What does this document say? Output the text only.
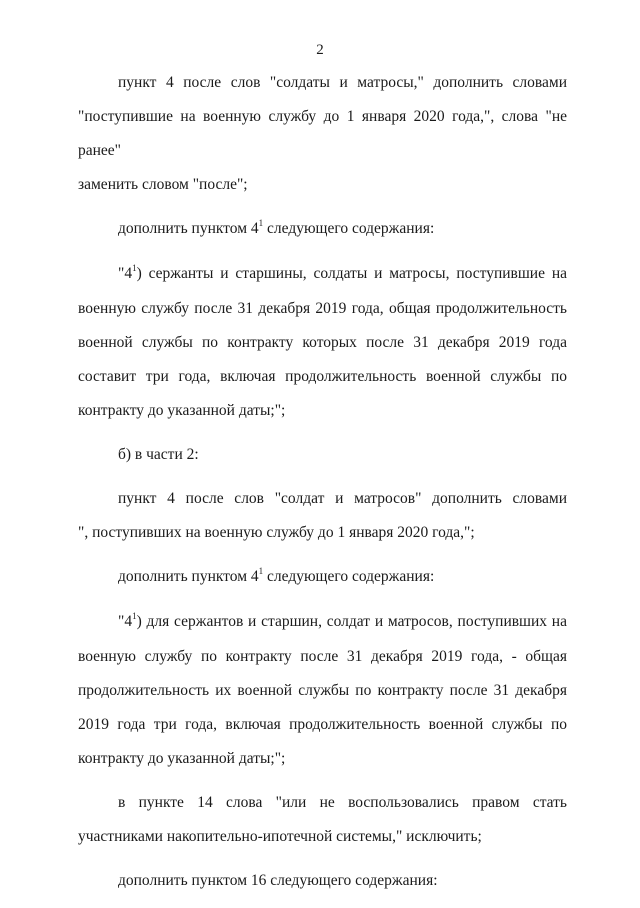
2

пункт 4 после слов "солдаты и матросы," дополнить словами
"поступившие на военную службу до 1 января 2020 года,", слова "не ранее"
заменить словом "после";

дополнить пунктом $4^1$ следующего содержания:

"$4^1$) сержанты и старшины, солдаты и матросы, поступившие на
военную службу после 31 декабря 2019 года, общая продолжительность
военной службы по контракту которых после 31 декабря 2019 года
составит три года, включая продолжительность военной службы по
контракту до указанной даты;";

б) в части 2:

пункт 4 после слов "солдат и матросов" дополнить словами
", поступивших на военную службу до 1 января 2020 года,";

дополнить пунктом $4^1$ следующего содержания:

"$4^1$) для сержантов и старшин, солдат и матросов, поступивших на
военную службу по контракту после 31 декабря 2019 года, - общая
продолжительность их военной службы по контракту после 31 декабря
2019 года три года, включая продолжительность военной службы по
контракту до указанной даты;";

в пункте 14 слова "или не воспользовались правом стать
участниками накопительно-ипотечной системы," исключить;

дополнить пунктом 16 следующего содержания:
